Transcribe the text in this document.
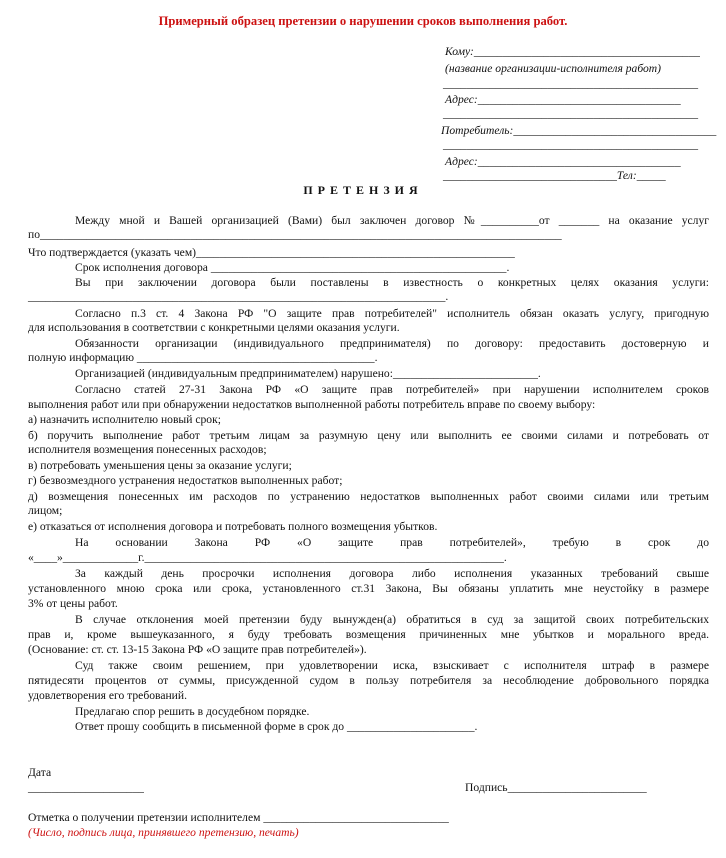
Примерный образец претензии о нарушении сроков выполнения работ.
Кому:_______________________________________
(название организации-исполнителя работ)
____________________________________________
Адрес:___________________________________
____________________________________________
Потребитель:___________________________________
____________________________________________
Адрес:___________________________________
______________________________Тел:_____
ПРЕТЕНЗИЯ
Между мной и Вашей организацией (Вами) был заключен договор №__________от _______ на оказание услуг
по__________________________________________________________________________________________
Что подтверждается (указать чем)_______________________________________________________
Срок исполнения договора ___________________________________________________.
Вы при заключении договора были поставлены в известность о конкретных целях оказания услуги:
________________________________________________________________________.
Согласно п.3 ст. 4 Закона РФ "О защите прав потребителей" исполнитель обязан оказать услугу, пригодную
для использования в соответствии с конкретными целями оказания услуги.
Обязанности организации (индивидуального предпринимателя) по договору: предоставить достоверную и
полную информацию _________________________________________.
Организацией (индивидуальным предпринимателем) нарушено:_________________________.
Согласно статей 27-31 Закона РФ «О защите прав потребителей» при нарушении исполнителем сроков
выполнения работ или при обнаружении недостатков выполненной работы потребитель вправе по своему выбору:
а) назначить исполнителю новый срок;
б) поручить выполнение работ третьим лицам за разумную цену или выполнить ее своими силами и потребовать от
исполнителя возмещения понесенных расходов;
в) потребовать уменьшения цены за оказание услуги;
г) безвозмездного устранения недостатков выполненных работ;
д) возмещения понесенных им расходов по устранению недостатков выполненных работ своими силами или третьим
лицом;
е) отказаться от исполнения договора и потребовать полного возмещения убытков.
На основании Закона РФ «О защите прав потребителей», требую в срок до
«____»_____________г.______________________________________________________________.
За каждый день просрочки исполнения договора либо исполнения указанных требований свыше
установленного мною срока или срока, установленного ст.31 Закона, Вы обязаны уплатить мне неустойку в размере
3% от цены работ.
В случае отклонения моей претензии буду вынужден(а) обратиться в суд за защитой своих потребительских
прав и, кроме вышеуказанного, я буду требовать возмещения причиненных мне убытков и морального вреда.
(Основание: ст. ст. 13-15 Закона РФ «О защите прав потребителей»).
Суд также своим решением, при удовлетворении иска, взыскивает с исполнителя штраф в размере
пятидесяти процентов от суммы, присужденной судом в пользу потребителя за несоблюдение добровольного порядка
удовлетворения его требований.
Предлагаю спор решить в досудебном порядке.
Ответ прошу сообщить в письменной форме в срок до ______________________.
Дата
____________________	Подпись________________________
Отметка о получении претензии исполнителем ________________________________
(Число, подпись лица, принявшего претензию, печать)
